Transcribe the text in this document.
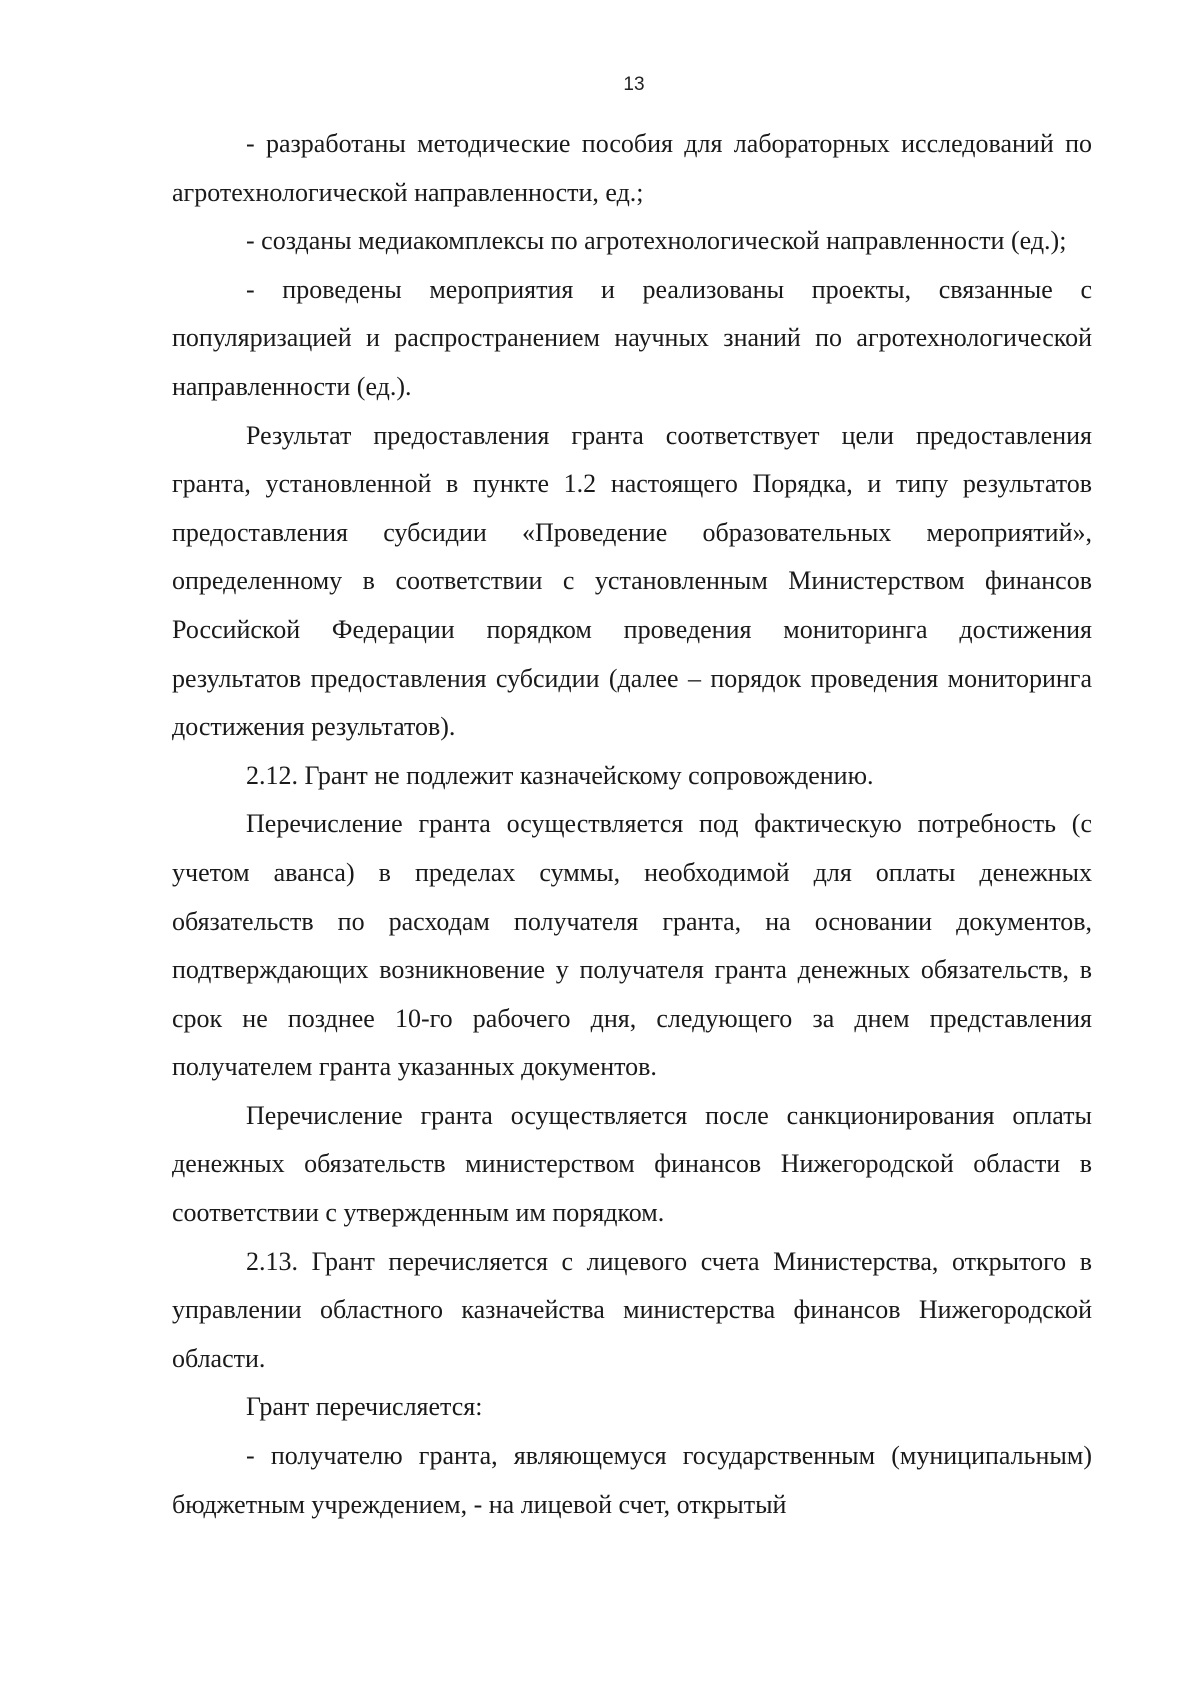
13

- разработаны методические пособия для лабораторных исследований по агротехнологической направленности, ед.;

- созданы медиакомплексы по агротехнологической направленности (ед.);

- проведены мероприятия и реализованы проекты, связанные с популяризацией и распространением научных знаний по агротехнологической направленности (ед.).

Результат предоставления гранта соответствует цели предоставления гранта, установленной в пункте 1.2 настоящего Порядка, и типу результатов предоставления субсидии «Проведение образовательных мероприятий», определенному в соответствии с установленным Министерством финансов Российской Федерации порядком проведения мониторинга достижения результатов предоставления субсидии (далее – порядок проведения мониторинга достижения результатов).

2.12. Грант не подлежит казначейскому сопровождению.

Перечисление гранта осуществляется под фактическую потребность (с учетом аванса) в пределах суммы, необходимой для оплаты денежных обязательств по расходам получателя гранта, на основании документов, подтверждающих возникновение у получателя гранта денежных обязательств, в срок не позднее 10-го рабочего дня, следующего за днем представления получателем гранта указанных документов.

Перечисление гранта осуществляется после санкционирования оплаты денежных обязательств министерством финансов Нижегородской области в соответствии с утвержденным им порядком.

2.13. Грант перечисляется с лицевого счета Министерства, открытого в управлении областного казначейства министерства финансов Нижегородской области.

Грант перечисляется:

- получателю гранта, являющемуся государственным (муниципальным) бюджетным учреждением, - на лицевой счет, открытый
